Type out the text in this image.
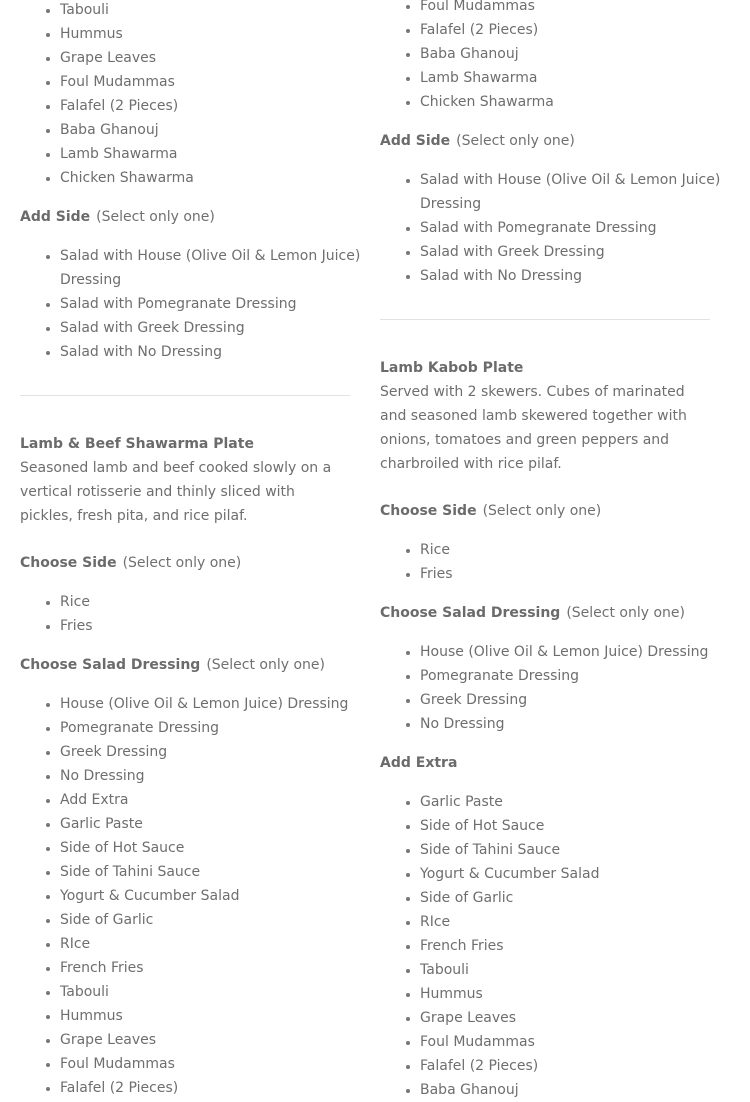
• Tabouli
• Hummus
• Grape Leaves
• Foul Mudammas
• Falafel (2 Pieces)
• Baba Ghanouj
• Lamb Shawarma
• Chicken Shawarma
Add Side (Select only one)
• Salad with House (Olive Oil & Lemon Juice) Dressing
• Salad with Pomegranate Dressing
• Salad with Greek Dressing
• Salad with No Dressing
Lamb & Beef Shawarma Plate
Seasoned lamb and beef cooked slowly on a vertical rotisserie and thinly sliced with pickles, fresh pita, and rice pilaf.
Choose Side (Select only one)
• Rice
• Fries
Choose Salad Dressing (Select only one)
• House (Olive Oil & Lemon Juice) Dressing
• Pomegranate Dressing
• Greek Dressing
• No Dressing
• Add Extra
• Garlic Paste
• Side of Hot Sauce
• Side of Tahini Sauce
• Yogurt & Cucumber Salad
• Side of Garlic
• RIce
• French Fries
• Tabouli
• Hummus
• Grape Leaves
• Foul Mudammas
• Falafel (2 Pieces)
• Foul Mudammas
• Falafel (2 Pieces)
• Baba Ghanouj
• Lamb Shawarma
• Chicken Shawarma
Add Side (Select only one)
• Salad with House (Olive Oil & Lemon Juice) Dressing
• Salad with Pomegranate Dressing
• Salad with Greek Dressing
• Salad with No Dressing
Lamb Kabob Plate
Served with 2 skewers. Cubes of marinated and seasoned lamb skewered together with onions, tomatoes and green peppers and charbroiled with rice pilaf.
Choose Side (Select only one)
• Rice
• Fries
Choose Salad Dressing (Select only one)
• House (Olive Oil & Lemon Juice) Dressing
• Pomegranate Dressing
• Greek Dressing
• No Dressing
Add Extra
• Garlic Paste
• Side of Hot Sauce
• Side of Tahini Sauce
• Yogurt & Cucumber Salad
• Side of Garlic
• RIce
• French Fries
• Tabouli
• Hummus
• Grape Leaves
• Foul Mudammas
• Falafel (2 Pieces)
• Baba Ghanouj
